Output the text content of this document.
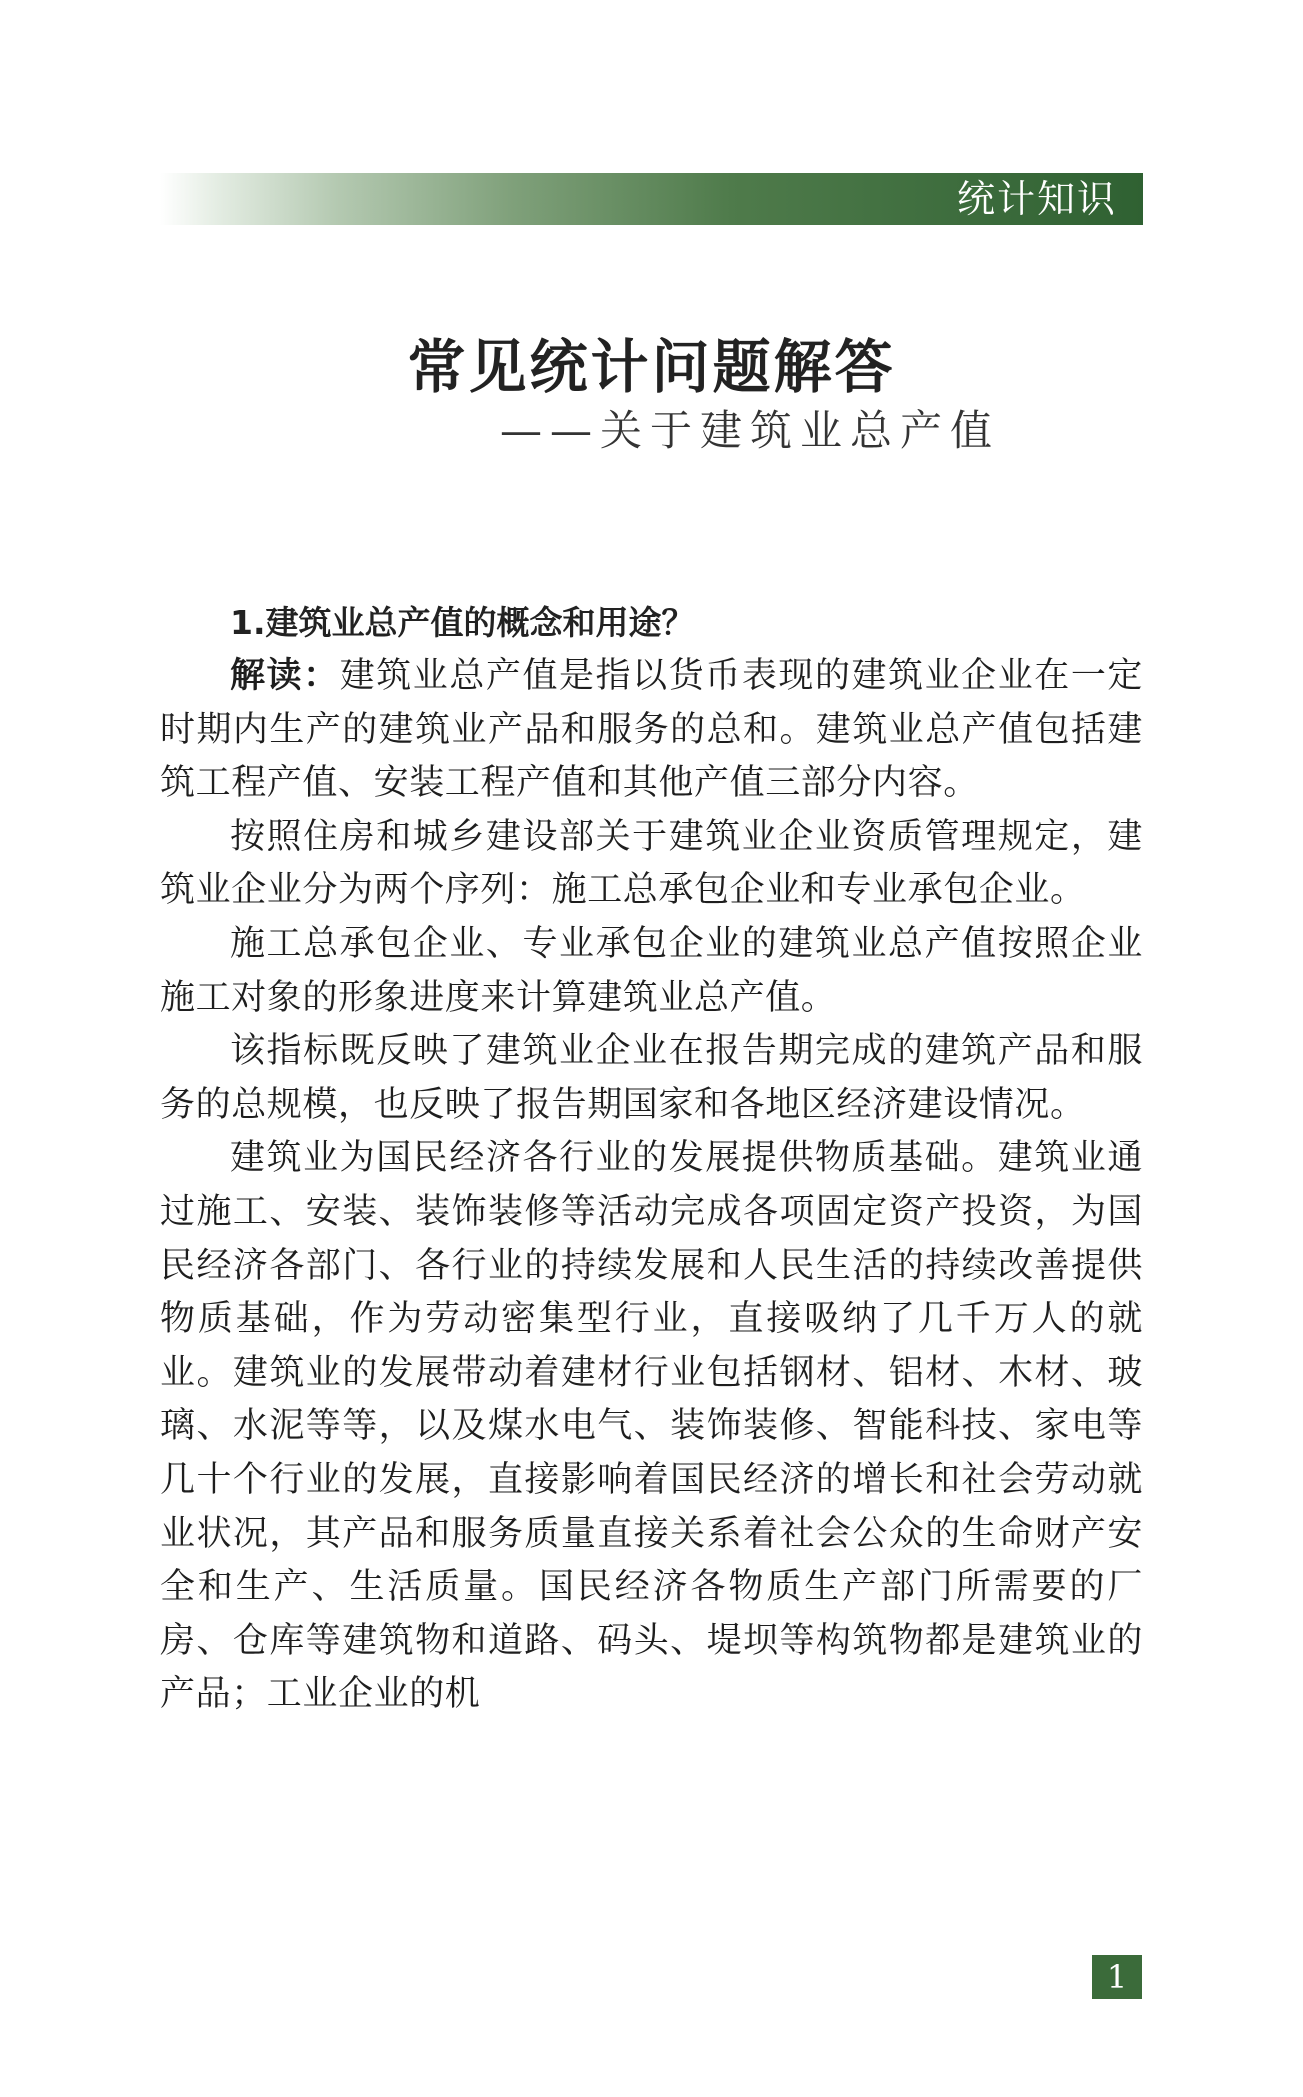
统计知识
常见统计问题解答
——关于建筑业总产值

1.建筑业总产值的概念和用途？

解读：建筑业总产值是指以货币表现的建筑业企业在一定时期内生产的建筑业产品和服务的总和。建筑业总产值包括建筑工程产值、安装工程产值和其他产值三部分内容。

按照住房和城乡建设部关于建筑业企业资质管理规定，建筑业企业分为两个序列：施工总承包企业和专业承包企业。

施工总承包企业、专业承包企业的建筑业总产值按照企业施工对象的形象进度来计算建筑业总产值。

该指标既反映了建筑业企业在报告期完成的建筑产品和服务的总规模，也反映了报告期国家和各地区经济建设情况。

建筑业为国民经济各行业的发展提供物质基础。建筑业通过施工、安装、装饰装修等活动完成各项固定资产投资，为国民经济各部门、各行业的持续发展和人民生活的持续改善提供物质基础，作为劳动密集型行业，直接吸纳了几千万人的就业。建筑业的发展带动着建材行业包括钢材、铝材、木材、玻璃、水泥等等，以及煤水电气、装饰装修、智能科技、家电等几十个行业的发展，直接影响着国民经济的增长和社会劳动就业状况，其产品和服务质量直接关系着社会公众的生命财产安全和生产、生活质量。国民经济各物质生产部门所需要的厂房、仓库等建筑物和道路、码头、堤坝等构筑物都是建筑业的产品；工业企业的机

1
